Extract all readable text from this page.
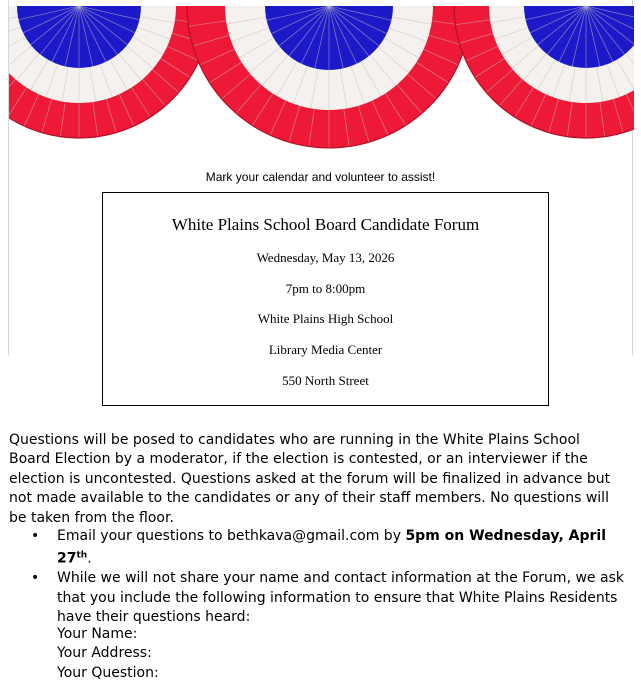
Mark your calendar and volunteer to assist!
White Plains School Board Candidate Forum
Wednesday, May 13, 2026
7pm to 8:00pm
White Plains High School
Library Media Center
550 North Street

Questions will be posed to candidates who are running in the White Plains School Board Election by a moderator, if the election is contested, or an interviewer if the election is uncontested. Questions asked at the forum will be finalized in advance but not made available to the candidates or any of their staff members. No questions will be taken from the floor.

• Email your questions to bethkava@gmail.com by 5pm on Wednesday, April 27th.
• While we will not share your name and contact information at the Forum, we ask that you include the following information to ensure that White Plains Residents have their questions heard:
Your Name:
Your Address:
Your Question:
